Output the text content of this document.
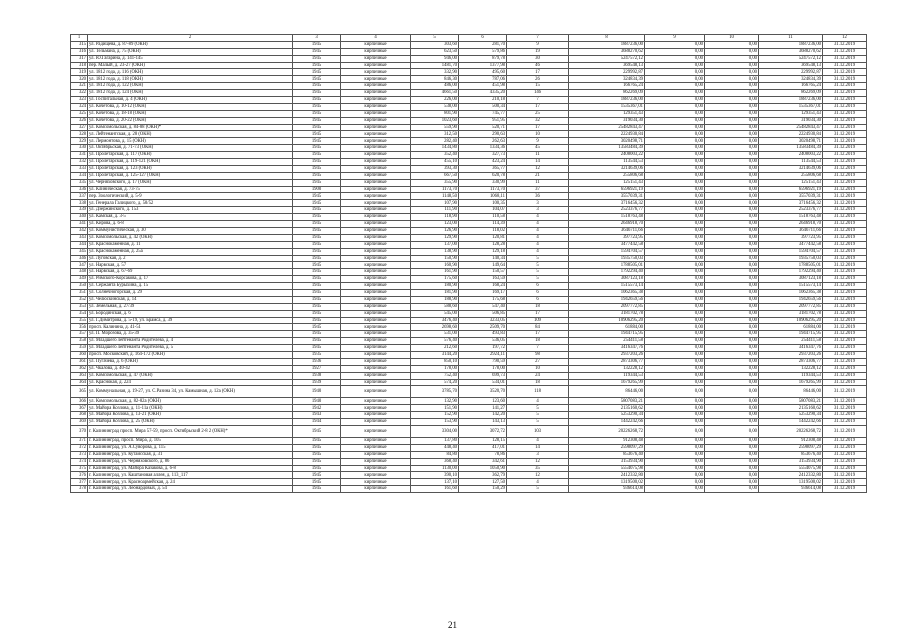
1	2	3	4	5	6	7	8	9	10	11	12
315	ул. Радищева, д. 87-89 (ОКН)	1945	кирпичные	303,60	281,70	9	1887236,00	0,00	0,00	1887236,00	31.12.2019
316	ул. Тельмана, д. 75 (ОКН)	1945	кирпичные	623,50	579,86	19	3688270,62	0,00	0,00	3688270,62	31.12.2019
317	ул. Ю.Гагарина, д. 141-145	1945	кирпичные	946,00	879,78	30	5247572,12	0,00	0,00	5247572,12	31.12.2019
318	пер. Малый, д. 23-27 (ОКН)	1945	кирпичные	1481,70	1377,98	46	369548,13	0,00	0,00	369548,13	31.12.2019
319	ул. 1812 года, д. 116 (ОКН)	1945	кирпичные	332,90	495,60	17	229992,87	0,00	0,00	229992,87	31.12.2019
320	ул. 1812 года, д. 118 (ОКН)	1945	кирпичные	846,30	787,06	26	324834,39	0,00	0,00	324834,39	31.12.2019
321	ул. 1812 года, д. 122 (ОКН)	1945	кирпичные	486,00	451,98	15	166765,24	0,00	0,00	166765,24	31.12.2019
322	ул. 1812 года, д. 124 (ОКН)	1945	кирпичные	4661,50	4335,20	146	862269,09	0,00	0,00	862269,09	31.12.2019
323	ул. Госпитальная, д. 4 (ОКН)	1945	кирпичные	226,00	210,18	7	1887236,00	0,00	0,00	1887236,00	31.12.2019
324	ул. Кочетова, д. 10-12 (ОКН)	1945	кирпичные	538,00	500,34	17	1535367,01	0,00	0,00	1535367,01	31.12.2019
325	ул. Кочетова, д. 18-18 (ОКН)	1945	кирпичные	801,90	745,77	25	129351,43	0,00	0,00	129351,43	31.12.2019
326	ул. Кочетова, д. 20-22 (ОКН)	1945	кирпичные	1023,60	951,95	32	319034,30	0,00	0,00	319034,30	31.12.2019
327	ул. Комсомольская, д. 84-88 (ОКН)*	1945	кирпичные	559,90	520,71	17	25482843,47	0,00	0,00	25482843,47	31.12.2019
328	ул. Лейтенантская, д. 28 (ОКН)	1945	кирпичные	312,50	290,63	10	2224930,84	0,00	0,00	2224930,84	31.12.2019
329	ул. Лермонтова, д. 15 (ОКН)	1945	кирпичные	282,40	262,63	9	3020498,71	0,00	0,00	3020498,71	31.12.2019
330	ул. Октябрьская, д. 71-73 (ОКН)	1945	кирпичные	1434,80	1334,36	45	13583484,39	0,00	0,00	13583484,39	31.12.2019
331	ул. Пролетарская, д. 117 (ОКН)	1945	кирпичные	352,40	327,73	11	2408003,22	0,00	0,00	2408003,22	31.12.2019
332	ул. Пролетарская, д. 119-121 (ОКН)	1945	кирпичные	455,10	423,24	14	113544,53	0,00	0,00	113544,53	31.12.2019
333	ул. Пролетарская, д. 123 (ОКН)	1945	кирпичные	393,30	365,77	12	3214639,06	0,00	0,00	3214639,06	31.12.2019
334	ул. Пролетарская, д. 125-127 (ОКН)	1945	кирпичные	667,50	620,78	21	255806,68	0,00	0,00	255806,68	31.12.2019
335	ул. Черняховского, д. 17 (ОКН)	1945	кирпичные	355,90	330,99	11	125151,43	0,00	0,00	125151,43	31.12.2019
336	ул. Клиническая, д. 73-75	1900	кирпичные	1173,70	1173,70	37	6596921,19	0,00	0,00	6596921,19	31.12.2019
337	пер. Зоологический, д. 5-9	1945	кирпичные	1148,50	1068,11	36	3557039,31	0,00	0,00	3557039,31	31.12.2019
338	ул. Генерала Галицкого, д. 50/52	1945	кирпичные	107,90	100,35	3	3716456,32	0,00	0,00	3716456,32	31.12.2019
339	ул. Дзержинского, д. 153	1945	кирпичные	111,90	104,07	3	2523376,77	0,00	0,00	2523376,77	31.12.2019
340	ул. Камская, д. 3-5	1945	кирпичные	118,90	110,58	4	1518763,48	0,00	0,00	1518763,48	31.12.2019
341	ул. Кирова, д. 6-8	1945	кирпичные	123,00	114,39	4	2646918,70	0,00	0,00	2646918,70	31.12.2019
342	ул. Коммунистическая, д. 30	1945	кирпичные	126,90	118,02	4	3646711,66	0,00	0,00	3646711,66	31.12.2019
343	ул. Комсомольская, д. 42 (ОКН)	1945	кирпичные	129,90	120,81	4	397723,95	0,00	0,00	397723,95	31.12.2019
344	ул. Краснокаменная, д. 11	1945	кирпичные	137,00	128,28	4	3477442,58	0,00	0,00	3477442,58	31.12.2019
345	ул. Краснокаменная, д. 25а	1945	кирпичные	138,90	129,18	4	1594704,57	0,00	0,00	1594704,57	31.12.2019
346	ул. Луговская, д. 2	1945	кирпичные	150,90	140,34	5	1935750,03	0,00	0,00	1935750,03	31.12.2019
347	ул. Нарвская, д. 57	1945	кирпичные	160,90	149,64	5	1788505,01	0,00	0,00	1788505,01	31.12.2019
348	ул. Нарвская, д. 67-69	1945	кирпичные	161,90	150,57	5	1792294,40	0,00	0,00	1792294,40	31.12.2019
349	ул. Римского-Корсакова, д. 17	1945	кирпичные	175,60	163,59	5	3087123,18	0,00	0,00	3087123,18	31.12.2019
350	ул. Сержанта Бурыхина, д. 15	1945	кирпичные	180,90	168,24	6	1515573,14	0,00	0,00	1515573,14	31.12.2019
351	ул. Солнечногорская, д. 29	1945	кирпичные	181,90	169,17	6	1062365,38	0,00	0,00	1062365,38	31.12.2019
352	ул. Челюскинская, д. 14	1945	кирпичные	188,90	175,68	6	1942659,56	0,00	0,00	1942659,56	31.12.2019
353	ул. Земельная, д. 27/39	1945	кирпичные	588,60	547,40	18	2097772,85	0,00	0,00	2097772,85	31.12.2019
354	ул. Бородинская, д. 6	1945	кирпичные	545,00	506,85	17	3181702,78	0,00	0,00	3181702,78	31.12.2019
355	ул. Г.Димитрова, д. 5-19, ул. Брамса, д. 39	1945	кирпичные	3476,40	3233,05	109	10906295,20	0,00	0,00	10906295,20	31.12.2019
356	просп. Калинина, д. 41-51	1945	кирпичные	2698,60	2509,70	84	61884,00	0,00	0,00	61884,00	31.12.2019
357	ул. П. Морозова, д. 35-39	1945	кирпичные	531,00	493,83	17	1944715,95	0,00	0,00	1944715,95	31.12.2019
358	ул. Младшего лейтенанта Родителева, д. 4	1945	кирпичные	576,40	536,05	18	254411,58	0,00	0,00	254411,58	31.12.2019
359	ул. Младшего лейтенанта Родителева, д. 5	1945	кирпичные	212,60	197,72	7	3416347,76	0,00	0,00	3416347,76	31.12.2019
360	просп. Московский, д. 164-172 (ОКН)	1935	кирпичные	3144,20	2924,11	98	2937203,26	0,00	0,00	2937203,26	31.12.2019
361	ул. Пугачева, д. 6 (ОКН)	1936	кирпичные	850,10	790,59	27	2873306,77	0,00	0,00	2873306,77	31.12.2019
362	ул. Чкалова, д. 40-42	1927	кирпичные	178,00	178,00	10	132228,12	0,00	0,00	132228,12	31.12.2019
363	ул. Комсомольская, д. 47 (ОКН)	1938	кирпичные	752,40	699,73	24	119344,53	0,00	0,00	119344,53	31.12.2019
364	ул. Краснокая, д. 224	1939	кирпичные	574,20	534,01	18	1679265,99	0,00	0,00	1679265,99	31.12.2019
365	ул. Коммунальная, д. 19-27, ул. С.Разина 34, ул. Камышная, д. 12а (ОКН)	1940	кирпичные	3785,70	3520,70	118	86446,00	0,00	0,00	86446,00	31.12.2019
366	ул. Комсомольская, д. 82-82а (ОКН)	1940	кирпичные	132,90	123,60	4	5807083,21	0,00	0,00	5807083,21	31.12.2019
367	ул. Майора Козлова, д. 11-11а (ОКН)	1942	кирпичные	151,90	141,27	5	2135160,62	0,00	0,00	2135160,62	31.12.2019
368	ул. Майора Козлова, д. 13-21 (ОКН)	1943	кирпичные	152,90	142,20	5	5253290,34	0,00	0,00	5253290,34	31.12.2019
369	ул. Майора Козлова, д. 25 (ОКН)	1944	кирпичные	153,90	143,13	5	1442242,66	0,00	0,00	1442242,66	31.12.2019
370	г. Калининград просп. Мира 57-59, просп. Октябрьский 2-8 2 (ОКН)*	1945	кирпичные	3304,00	3072,72	103	20226268,72	0,00	0,00	20226268,72	31.12.2019
371	г. Калининград, просп. Мира, д. 105	1945	кирпичные	137,80	128,15	4	912308,48	0,00	0,00	912308,48	31.12.2019
372	г. Калининград, ул. А.Суворова, д. 115	1945	кирпичные	448,40	417,01	14	2598097,29	0,00	0,00	2598097,29	31.12.2019
373	г. Калининград, ул. Кутаисская, д. 31	1945	кирпичные	84,80	78,86	3	853676,40	0,00	0,00	853676,40	31.12.2019
374	г. Калининград, ул. Черняховского, д. 86	1945	кирпичные	368,40	342,61	12	3153934,90	0,00	0,00	3153934,90	31.12.2019
375	г. Калининград, ул. Майора Казакова, д. 6-8	1945	кирпичные	1130,00	1050,90	35	5554075,98	0,00	0,00	5554075,98	31.12.2019
376	г. Калининград, ул. Каштановая аллея, д. 113_117	1945	кирпичные	390,10	362,79	12	2412332,80	0,00	0,00	2412332,80	31.12.2019
377	г. Калининград, ул. Красноармейская, д. 24	1945	кирпичные	137,10	127,50	4	1319500,02	0,00	0,00	1319500,02	31.12.2019
378	г. Калининград, ул. Леонардовых, д. 54	1945	кирпичные	161,60	150,29	5	936614,08	0,00	0,00	936614,08	31.12.2019
21
